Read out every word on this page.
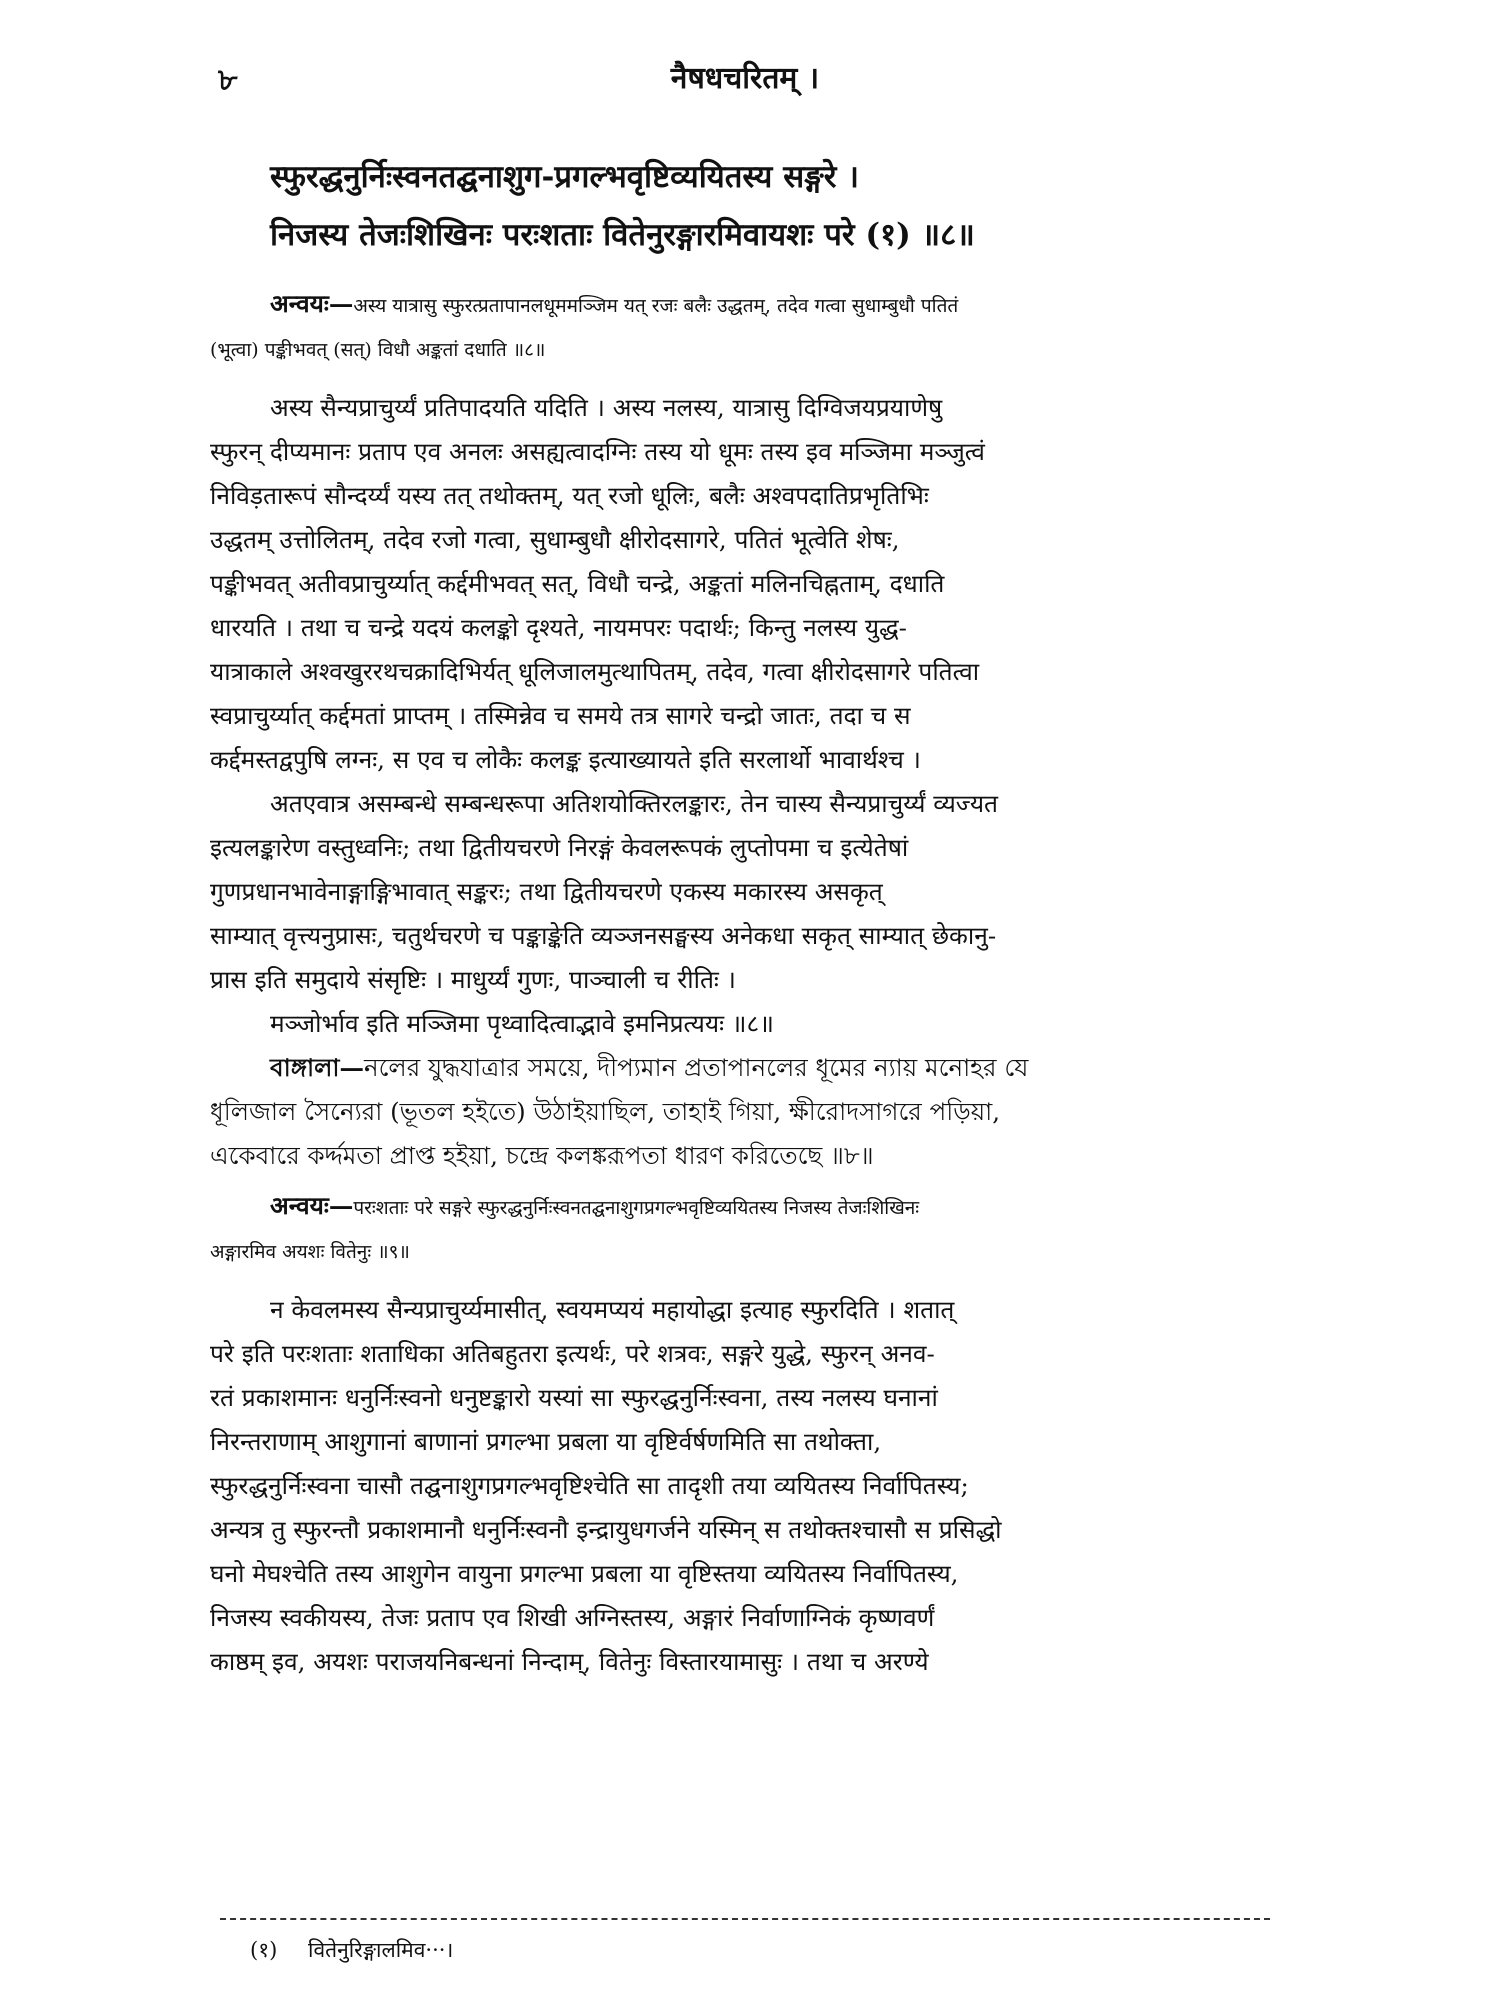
৮	नैषधचरितम् ।
स्फुरद्धनुर्निःस्वनतद्घनाशुग-प्रगल्भवृष्टिव्ययितस्य सङ्गरे ।
निजस्य तेजःशिखिनः परःशताः वितेनुरङ्गारमिवायशः परे (१) ॥८॥

अन्वयः—अस्य यात्रासु स्फुरत्प्रतापानलधूममञ्जिम यत् रजः बलैः उद्धतम्, तदेव गत्वा सुधाम्बुधौ पतितं

(भूत्वा) पङ्कीभवत् (सत्) विधौ अङ्कतां दधाति ॥८॥

अस्य सैन्यप्राचुर्य्यं प्रतिपादयति यदिति । अस्य नलस्य, यात्रासु दिग्विजयप्रयाणेषु

स्फुरन् दीप्यमानः प्रताप एव अनलः असह्यत्वादग्निः तस्य यो धूमः तस्य इव मञ्जिमा मञ्जुत्वं

निविड़तारूपं सौन्दर्य्यं यस्य तत् तथोक्तम्, यत् रजो धूलिः, बलैः अश्वपदातिप्रभृतिभिः

उद्धतम् उत्तोलितम्, तदेव रजो गत्वा, सुधाम्बुधौ क्षीरोदसागरे, पतितं भूत्वेति शेषः,

पङ्कीभवत् अतीवप्राचुर्य्यात् कर्द्दमीभवत् सत्, विधौ चन्द्रे, अङ्कतां मलिनचिह्नताम्, दधाति

धारयति । तथा च चन्द्रे यदयं कलङ्को दृश्यते, नायमपरः पदार्थः; किन्तु नलस्य युद्ध-

यात्राकाले अश्वखुररथचक्रादिभिर्यत् धूलिजालमुत्थापितम्, तदेव, गत्वा क्षीरोदसागरे पतित्वा

स्वप्राचुर्य्यात् कर्द्दमतां प्राप्तम् । तस्मिन्नेव च समये तत्र सागरे चन्द्रो जातः, तदा च स

कर्द्दमस्तद्वपुषि लग्नः, स एव च लोकैः कलङ्क इत्याख्यायते इति सरलार्थो भावार्थश्च ।

अतएवात्र असम्बन्धे सम्बन्धरूपा अतिशयोक्तिरलङ्कारः, तेन चास्य सैन्यप्राचुर्य्यं व्यज्यत

इत्यलङ्कारेण वस्तुध्वनिः; तथा द्वितीयचरणे निरङ्गं केवलरूपकं लुप्तोपमा च इत्येतेषां

गुणप्रधानभावेनाङ्गाङ्गिभावात् सङ्करः; तथा द्वितीयचरणे एकस्य मकारस्य असकृत्

साम्यात् वृत्त्यनुप्रासः, चतुर्थचरणे च पङ्काङ्केति व्यञ्जनसङ्घस्य अनेकधा सकृत् साम्यात् छेकानु-

प्रास इति समुदाये संसृष्टिः । माधुर्य्यं गुणः, पाञ्चाली च रीतिः ।

मञ्जोर्भाव इति मञ्जिमा पृथ्वादित्वाद्भावे इमनिप्रत्ययः ॥८॥

বাঙ্গালা—নলের যুদ্ধযাত্রার সময়ে, দীপ্যমান প্রতাপানলের ধূমের ন্যায় মনোহর যে

ধূলিজাল সৈন্যেরা (ভূতল হইতে) উঠাইয়াছিল, তাহাই গিয়া, ক্ষীরোদসাগরে পড়িয়া,

একেবারে কর্দ্দমতা প্রাপ্ত হইয়া, চন্দ্রে কলঙ্করূপতা ধারণ করিতেছে ॥৮॥

अन्वयः—परःशताः परे सङ्गरे स्फुरद्धनुर्निःस्वनतद्घनाशुगप्रगल्भवृष्टिव्ययितस्य निजस्य तेजःशिखिनः

अङ्गारमिव अयशः वितेनुः ॥९॥

न केवलमस्य सैन्यप्राचुर्य्यमासीत्, स्वयमप्ययं महायोद्धा इत्याह स्फुरदिति । शतात्

परे इति परःशताः शताधिका अतिबहुतरा इत्यर्थः, परे शत्रवः, सङ्गरे युद्धे, स्फुरन् अनव-

रतं प्रकाशमानः धनुर्निःस्वनो धनुष्टङ्कारो यस्यां सा स्फुरद्धनुर्निःस्वना, तस्य नलस्य घनानां

निरन्तराणाम् आशुगानां बाणानां प्रगल्भा प्रबला या वृष्टिर्वर्षणमिति सा तथोक्ता,

स्फुरद्धनुर्निःस्वना चासौ तद्घनाशुगप्रगल्भवृष्टिश्चेति सा तादृशी तया व्ययितस्य निर्वापितस्य;

अन्यत्र तु स्फुरन्तौ प्रकाशमानौ धनुर्निःस्वनौ इन्द्रायुधगर्जने यस्मिन् स तथोक्तश्चासौ स प्रसिद्धो

घनो मेघश्चेति तस्य आशुगेन वायुना प्रगल्भा प्रबला या वृष्टिस्तया व्ययितस्य निर्वापितस्य,

निजस्य स्वकीयस्य, तेजः प्रताप एव शिखी अग्निस्तस्य, अङ्गारं निर्वाणाग्निकं कृष्णवर्णं

काष्ठम् इव, अयशः पराजयनिबन्धनां निन्दाम्, वितेनुः विस्तारयामासुः । तथा च अरण्ये

(१) वितेनुरिङ्गालमिव···।
